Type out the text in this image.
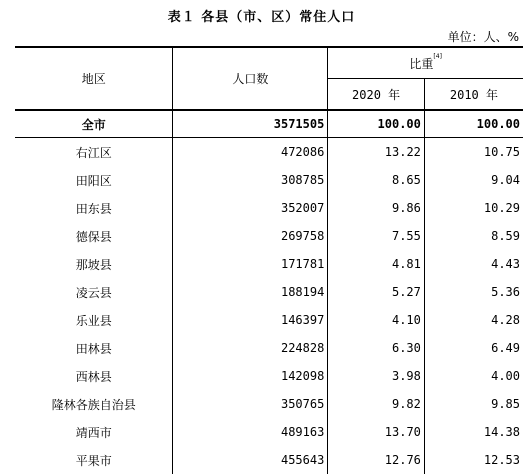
表１ 各县（市、区）常住人口
单位：人、%
地区	人口数	比重[4]
		2020 年	2010 年
全市	3571505	100.00	100.00
右江区	472086	13.22	10.75
田阳区	308785	8.65	9.04
田东县	352007	9.86	10.29
德保县	269758	7.55	8.59
那坡县	171781	4.81	4.43
凌云县	188194	5.27	5.36
乐业县	146397	4.10	4.28
田林县	224828	6.30	6.49
西林县	142098	3.98	4.00
隆林各族自治县	350765	9.82	9.85
靖西市	489163	13.70	14.38
平果市	455643	12.76	12.53
